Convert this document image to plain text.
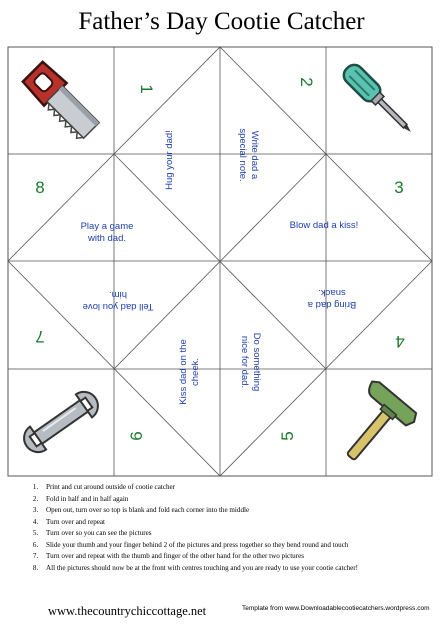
Father’s Day Cootie Catcher
1
2
3
4
5
6
7
8	Hug your dad!	Write dad a
special note.
Play a game
with dad.
Blow dad a kiss!
Tell dad you love
him.
Bring dad a
snack.
Kiss dad on the cheek.	Do something
nice for dad.
1. Print and cut around outside of cootie catcher
2. Fold in half and in half again
3. Open out, turn over so top is blank and fold each corner into the middle
4. Turn over and repeat
5. Turn over so you can see the pictures
6. Slide your thumb and your finger behind 2 of the pictures and press together so they bend round and touch
7. Turn over and repeat with the thumb and finger of the other hand for the other two pictures
8. All the pictures should now be at the front with centres touching and you are ready to use your cootie catcher!
www.thecountrychiccottage.net	Template from www.Downloadablecootiecatchers.wordpress.com
